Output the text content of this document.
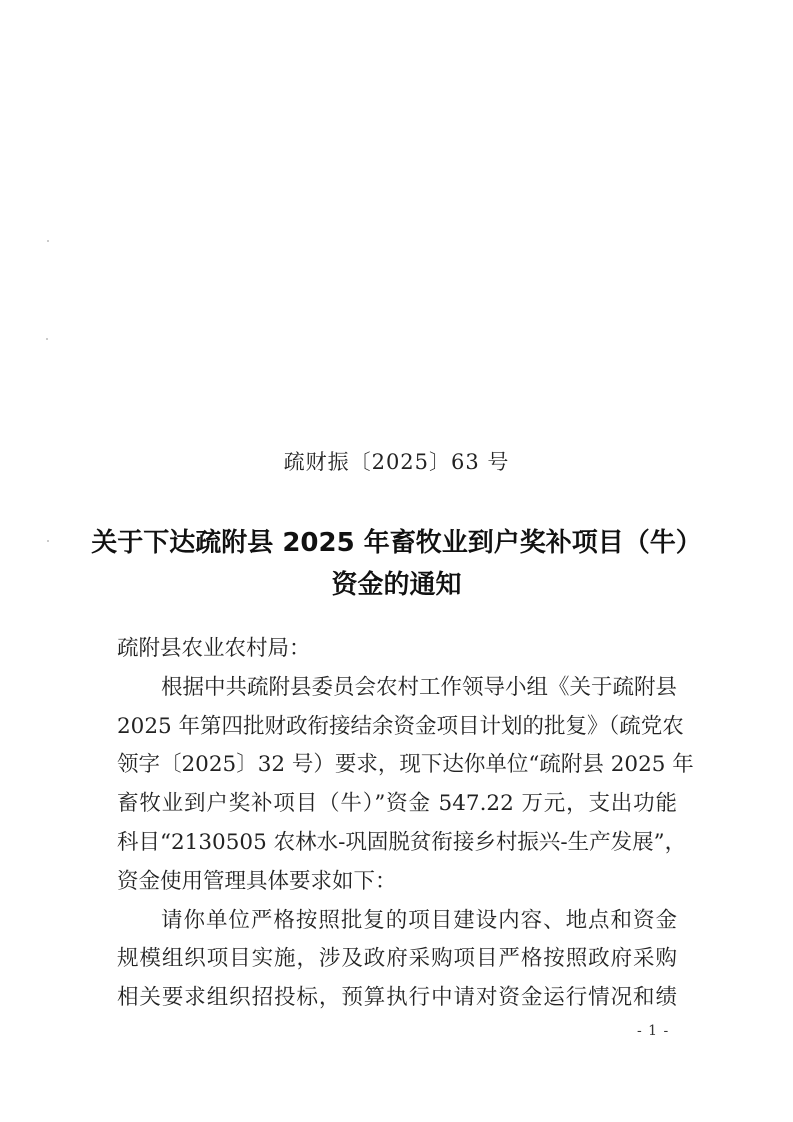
疏财振〔2025〕63 号
关于下达疏附县 2025 年畜牧业到户奖补项目（牛）
资金的通知
疏附县农业农村局：
根据中共疏附县委员会农村工作领导小组《关于疏附县
2025 年第四批财政衔接结余资金项目计划的批复》（疏党农
领字〔2025〕32 号）要求，现下达你单位“疏附县 2025 年
畜牧业到户奖补项目（牛）”资金 547.22 万元，支出功能
科目“2130505 农林水-巩固脱贫衔接乡村振兴-生产发展”，
资金使用管理具体要求如下：
请你单位严格按照批复的项目建设内容、地点和资金
规模组织项目实施，涉及政府采购项目严格按照政府采购
相关要求组织招投标，预算执行中请对资金运行情况和绩
- 1 -
